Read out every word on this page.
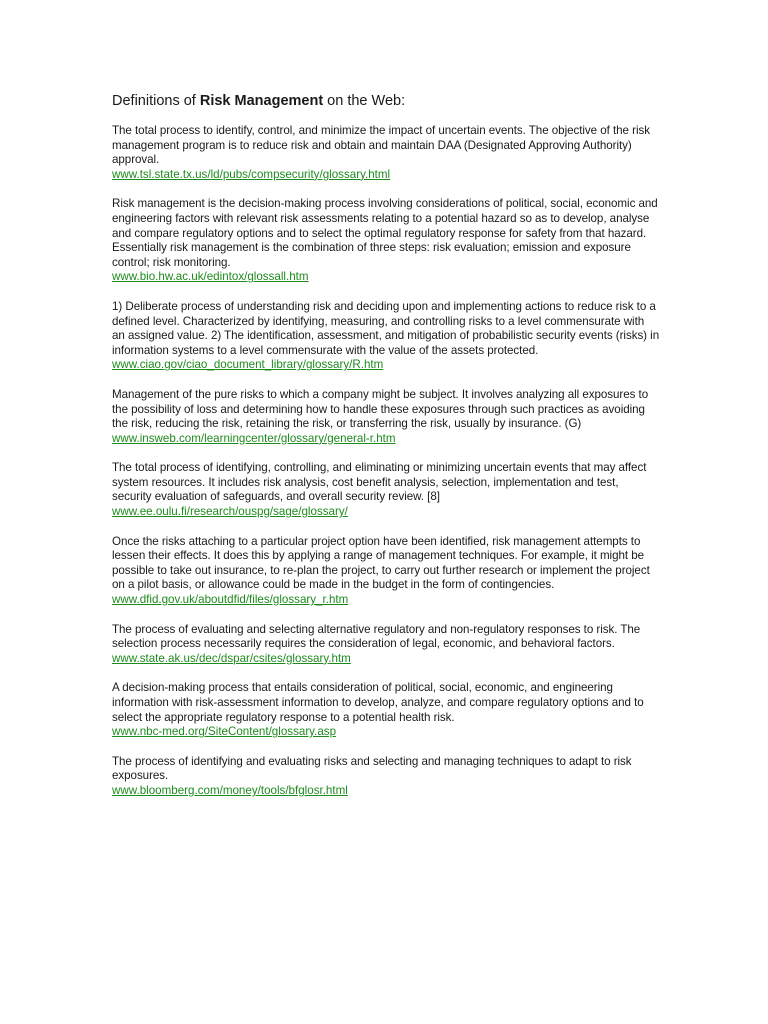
Definitions of Risk Management on the Web:

The total process to identify, control, and minimize the impact of uncertain events. The objective of the risk management program is to reduce risk and obtain and maintain DAA (Designated Approving Authority) approval.

www.tsl.state.tx.us/ld/pubs/compsecurity/glossary.html

Risk management is the decision-making process involving considerations of political, social, economic and engineering factors with relevant risk assessments relating to a potential hazard so as to develop, analyse and compare regulatory options and to select the optimal regulatory response for safety from that hazard. Essentially risk management is the combination of three steps: risk evaluation; emission and exposure control; risk monitoring.

www.bio.hw.ac.uk/edintox/glossall.htm

1) Deliberate process of understanding risk and deciding upon and implementing actions to reduce risk to a defined level. Characterized by identifying, measuring, and controlling risks to a level commensurate with an assigned value. 2) The identification, assessment, and mitigation of probabilistic security events (risks) in information systems to a level commensurate with the value of the assets protected.

www.ciao.gov/ciao_document_library/glossary/R.htm

Management of the pure risks to which a company might be subject. It involves analyzing all exposures to the possibility of loss and determining how to handle these exposures through such practices as avoiding the risk, reducing the risk, retaining the risk, or transferring the risk, usually by insurance. (G)

www.insweb.com/learningcenter/glossary/general-r.htm

The total process of identifying, controlling, and eliminating or minimizing uncertain events that may affect system resources. It includes risk analysis, cost benefit analysis, selection, implementation and test, security evaluation of safeguards, and overall security review. [8]

www.ee.oulu.fi/research/ouspg/sage/glossary/

Once the risks attaching to a particular project option have been identified, risk management attempts to lessen their effects. It does this by applying a range of management techniques. For example, it might be possible to take out insurance, to re-plan the project, to carry out further research or implement the project on a pilot basis, or allowance could be made in the budget in the form of contingencies.

www.dfid.gov.uk/aboutdfid/files/glossary_r.htm

The process of evaluating and selecting alternative regulatory and non-regulatory responses to risk. The selection process necessarily requires the consideration of legal, economic, and behavioral factors.

www.state.ak.us/dec/dspar/csites/glossary.htm

A decision-making process that entails consideration of political, social, economic, and engineering information with risk-assessment information to develop, analyze, and compare regulatory options and to select the appropriate regulatory response to a potential health risk.

www.nbc-med.org/SiteContent/glossary.asp

The process of identifying and evaluating risks and selecting and managing techniques to adapt to risk exposures.

www.bloomberg.com/money/tools/bfglosr.html
